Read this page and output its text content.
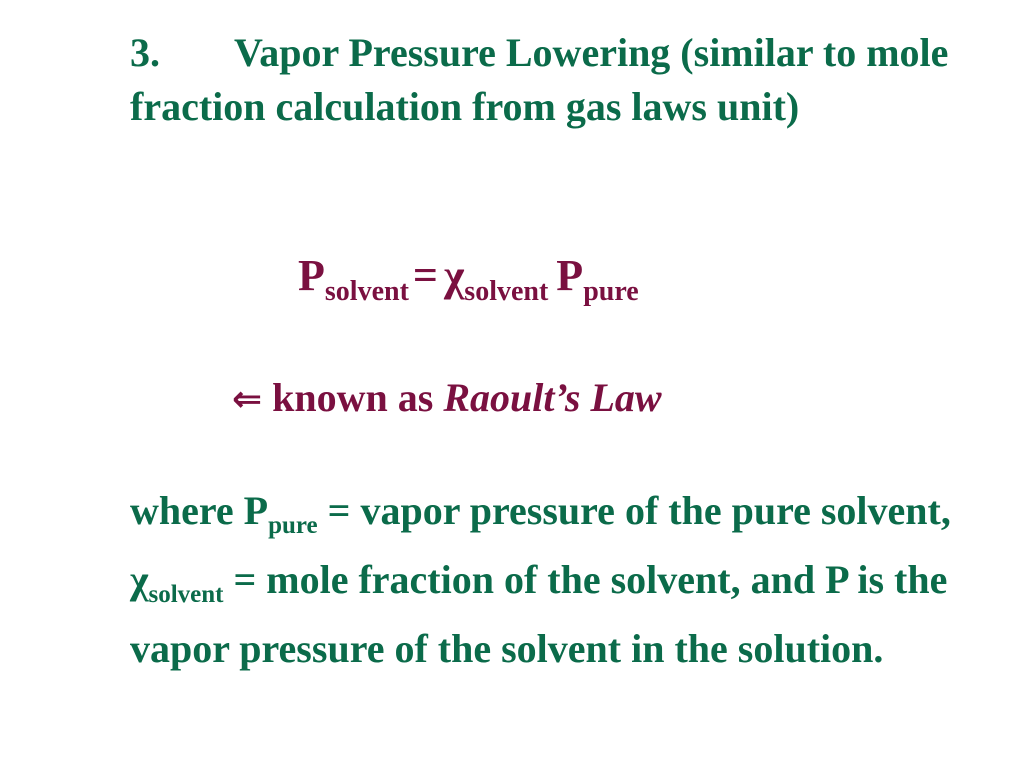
3. Vapor Pressure Lowering (similar to mole fraction calculation from gas laws unit)
$P_{solvent}= \chi_{solvent}$ $P_{pure}$
⇐ known as Raoult’s Law
where $P_{pure}$ = vapor pressure of the pure solvent, $\chi_{solvent}$ = mole fraction of the solvent, and P is the vapor pressure of the solvent in the solution.
